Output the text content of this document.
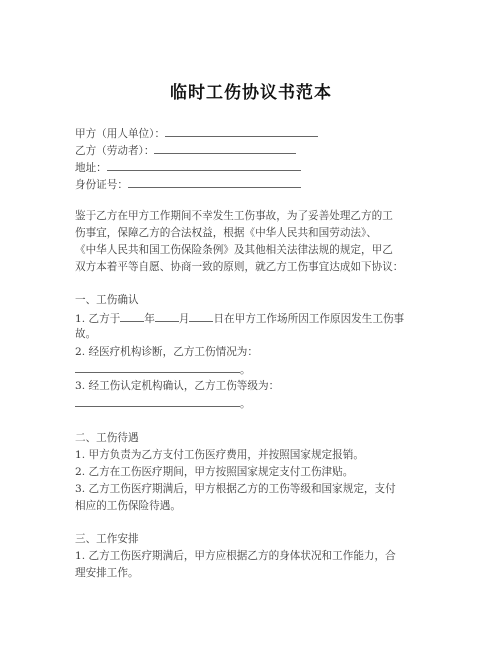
临时工伤协议书范本
甲方（用人单位）：
乙方（劳动者）：
地址：
身份证号：
鉴于乙方在甲方工作期间不幸发生工伤事故，为了妥善处理乙方的工
伤事宜，保障乙方的合法权益，根据《中华人民共和国劳动法》、
《中华人民共和国工伤保险条例》及其他相关法律法规的规定，甲乙
双方本着平等自愿、协商一致的原则，就乙方工伤事宜达成如下协议：
一、工伤确认
1. 乙方于 年 月 日在甲方工作场所因工作原因发生工伤事
故。
2. 经医疗机构诊断，乙方工伤情况为：
。
3. 经工伤认定机构确认，乙方工伤等级为：
。
二、工伤待遇
1. 甲方负责为乙方支付工伤医疗费用，并按照国家规定报销。
2. 乙方在工伤医疗期间，甲方按照国家规定支付工伤津贴。
3. 乙方工伤医疗期满后，甲方根据乙方的工伤等级和国家规定，支付
相应的工伤保险待遇。
三、工作安排
1. 乙方工伤医疗期满后，甲方应根据乙方的身体状况和工作能力，合
理安排工作。
